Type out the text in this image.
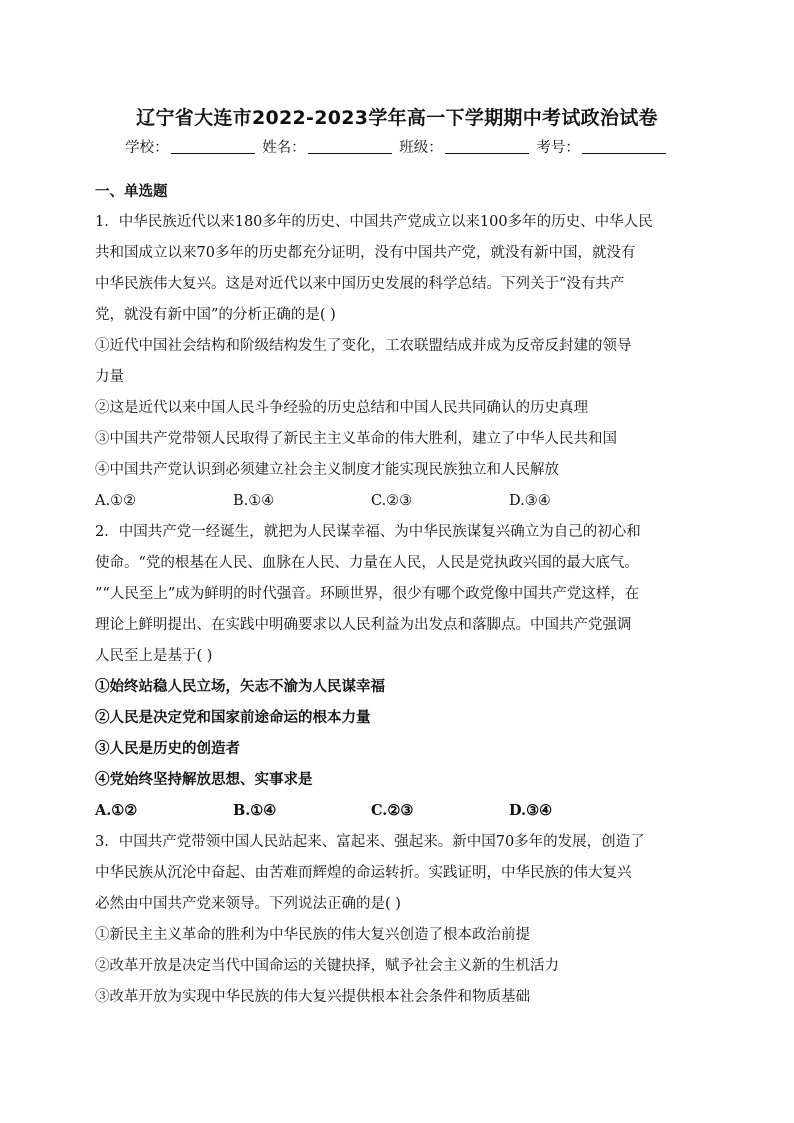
辽宁省大连市2022-2023学年高一下学期期中考试政治试卷
学校：	姓名：	班级：	考号：
一、单选题
1．中华民族近代以来180多年的历史、中国共产党成立以来100多年的历史、中华人民
共和国成立以来70多年的历史都充分证明，没有中国共产党，就没有新中国，就没有
中华民族伟大复兴。这是对近代以来中国历史发展的科学总结。下列关于“没有共产
党，就没有新中国”的分析正确的是( )
①近代中国社会结构和阶级结构发生了变化，工农联盟结成并成为反帝反封建的领导
力量
②这是近代以来中国人民斗争经验的历史总结和中国人民共同确认的历史真理
③中国共产党带领人民取得了新民主主义革命的伟大胜利，建立了中华人民共和国
④中国共产党认识到必须建立社会主义制度才能实现民族独立和人民解放
A.①②	B.①④	C.②③	D.③④
2．中国共产党一经诞生，就把为人民谋幸福、为中华民族谋复兴确立为自己的初心和
使命。“党的根基在人民、血脉在人民、力量在人民，人民是党执政兴国的最大底气。
”“人民至上”成为鲜明的时代强音。环顾世界，很少有哪个政党像中国共产党这样，在
理论上鲜明提出、在实践中明确要求以人民利益为出发点和落脚点。中国共产党强调
人民至上是基于( )
①始终站稳人民立场，矢志不渝为人民谋幸福
②人民是决定党和国家前途命运的根本力量
③人民是历史的创造者
④党始终坚持解放思想、实事求是
A.①②	B.①④	C.②③	D.③④
3．中国共产党带领中国人民站起来、富起来、强起来。新中国70多年的发展，创造了
中华民族从沉沦中奋起、由苦难而辉煌的命运转折。实践证明，中华民族的伟大复兴
必然由中国共产党来领导。下列说法正确的是( )
①新民主主义革命的胜利为中华民族的伟大复兴创造了根本政治前提
②改革开放是决定当代中国命运的关键抉择，赋予社会主义新的生机活力
③改革开放为实现中华民族的伟大复兴提供根本社会条件和物质基础
